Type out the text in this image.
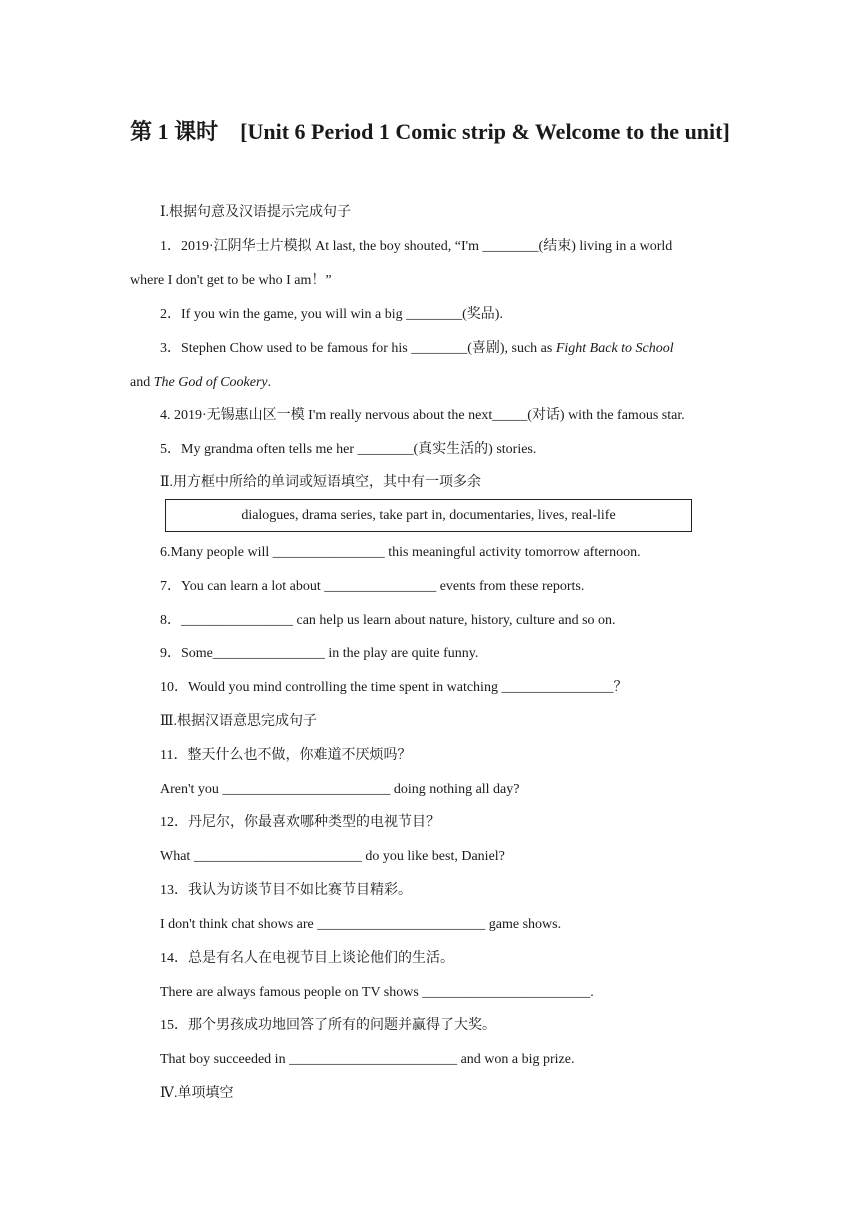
第 1 课时　[Unit 6 Period 1 Comic strip & Welcome to the unit]
Ⅰ.根据句意及汉语提示完成句子
1．2019·江阴华士片模拟 At last, the boy shouted, “I'm ________(结束) living in a world
where I don't get to be who I am！”
2．If you win the game, you will win a big ________(奖品).
3．Stephen Chow used to be famous for his ________(喜剧), such as Fight Back to School
and The God of Cookery.
4. 2019·无锡惠山区一模 I'm really nervous about the next_____(对话) with the famous star.
5．My grandma often tells me her ________(真实生活的) stories.
Ⅱ.用方框中所给的单词或短语填空，其中有一项多余
dialogues, drama series, take part in, documentaries, lives, real-life
6.Many people will ________________ this meaningful activity tomorrow afternoon.
7．You can learn a lot about ________________ events from these reports.
8．________________ can help us learn about nature, history, culture and so on.
9．Some________________ in the play are quite funny.
10．Would you mind controlling the time spent in watching ________________？
Ⅲ.根据汉语意思完成句子
11．整天什么也不做，你难道不厌烦吗？
Aren't you ________________________ doing nothing all day?
12．丹尼尔，你最喜欢哪种类型的电视节目？
What ________________________ do you like best, Daniel?
13．我认为访谈节目不如比赛节目精彩。
I don't think chat shows are ________________________ game shows.
14．总是有名人在电视节目上谈论他们的生活。
There are always famous people on TV shows ________________________.
15．那个男孩成功地回答了所有的问题并赢得了大奖。
That boy succeeded in ________________________ and won a big prize.
Ⅳ.单项填空
